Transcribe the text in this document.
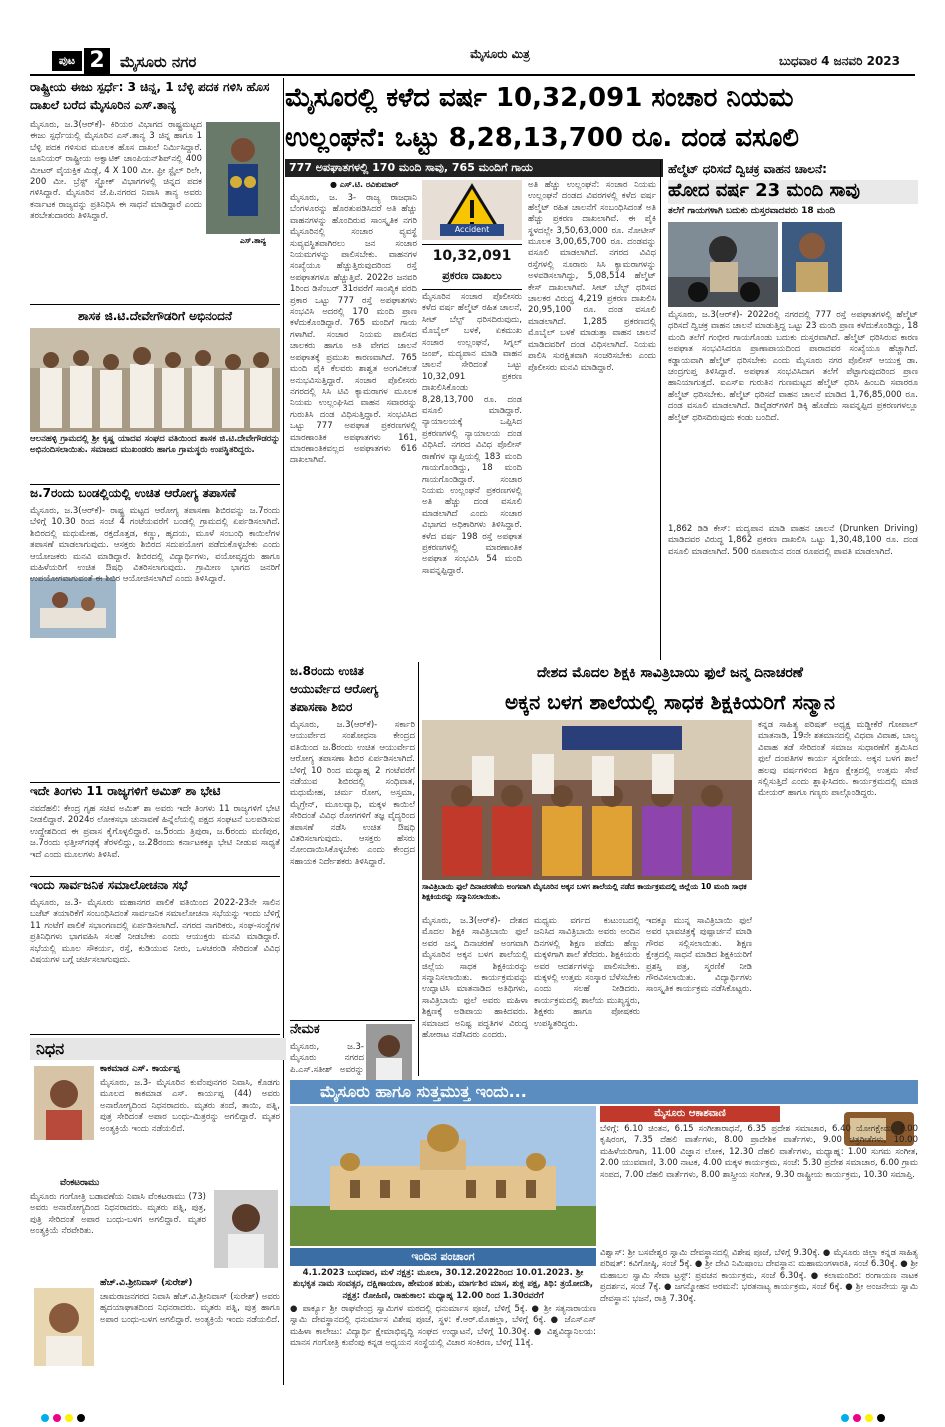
ಪುಟ 2	ಮೈಸೂರು ನಗರ	ಮೈಸೂರು ಮಿತ್ರ	ಬುಧವಾರ 4 ಜನವರಿ 2023
ಮೈಸೂರಲ್ಲಿ ಕಳೆದ ವರ್ಷ 10,32,091 ಸಂಚಾರ ನಿಯಮ
ಉಲ್ಲಂಘನೆ: ಒಟ್ಟು 8,28,13,700 ರೂ. ದಂಡ ವಸೂಲಿ
777 ಅಪಘಾತಗಳಲ್ಲಿ 170 ಮಂದಿ ಸಾವು, 765 ಮಂದಿಗೆ ಗಾಯ
● ಎಸ್.ಟಿ. ರವಿಕುಮಾರ್
ಮೈಸೂರು, ಜ. 3- ರಾಜ್ಯ ರಾಜಧಾನಿ ಬೆಂಗಳೂರನ್ನು ಹೊರತುಪಡಿಸಿದರೆ ಅತಿ ಹೆಚ್ಚು ವಾಹನಗಳನ್ನು ಹೊಂದಿರುವ ಸಾಂಸ್ಕೃತಿಕ ನಗರಿ ಮೈಸೂರಿನಲ್ಲಿ ಸಂಚಾರ ವ್ಯವಸ್ಥೆ ಸುವ್ಯವಸ್ಥಿತವಾಗಿರಲು ಜನ ಸಂಚಾರ ನಿಯಮಗಳನ್ನು ಪಾಲಿಸಬೇಕು. ವಾಹನಗಳ ಸಂಖ್ಯೆಯೂ ಹೆಚ್ಚುತ್ತಿರುವುದರಿಂದ ರಸ್ತೆ ಅಪಘಾತಗಳೂ ಹೆಚ್ಚುತ್ತಿವೆ. 2022ರ ಜನವರಿ 1ರಿಂದ ಡಿಸೆಂಬರ್ 31ರವರೆಗೆ ಸಾಂಖ್ಯಿಕ ವರದಿ ಪ್ರಕಾರ ಒಟ್ಟು 777 ರಸ್ತೆ ಅಪಘಾತಗಳು ಸಂಭವಿಸಿ ಅದರಲ್ಲಿ 170 ಮಂದಿ ಪ್ರಾಣ ಕಳೆದುಕೊಂಡಿದ್ದಾರೆ. 765 ಮಂದಿಗೆ ಗಾಯ ಗಳಾಗಿವೆ. ಸಂಚಾರ ನಿಯಮ ಪಾಲಿಸದ ಚಾಲಕರು ಹಾಗೂ ಅತಿ ವೇಗದ ಚಾಲನೆ ಅಪಘಾತಕ್ಕೆ ಪ್ರಮುಖ ಕಾರಣವಾಗಿದೆ. 765 ಮಂದಿ ಪೈಕಿ ಕೆಲವರು ಶಾಶ್ವತ ಅಂಗವಿಕಲತೆ ಅನುಭವಿಸುತ್ತಿದ್ದಾರೆ. ಸಂಚಾರ ಪೊಲೀಸರು ನಗರದಲ್ಲಿ ಸಿಸಿ ಟಿವಿ ಕ್ಯಾಮರಾಗಳ ಮೂಲಕ ನಿಯಮ ಉಲ್ಲಂಘಿಸಿದ ವಾಹನ ಸವಾರರನ್ನು ಗುರುತಿಸಿ ದಂಡ ವಿಧಿಸುತ್ತಿದ್ದಾರೆ. ಸಂಭವಿಸಿದ ಒಟ್ಟು 777 ಅಪಘಾತ ಪ್ರಕರಣಗಳಲ್ಲಿ ಮಾರಣಾಂತಿಕ ಅಪಘಾತಗಳು 161, ಮಾರಣಾಂತಿಕವಲ್ಲದ ಅಪಘಾತಗಳು 616 ದಾಖಲಾಗಿವೆ.
Accident
10,32,091
ಪ್ರಕರಣ ದಾಖಲು
ಮೈಸೂರಿನ ಸಂಚಾರ ಪೊಲೀಸರು ಕಳೆದ ವರ್ಷ ಹೆಲ್ಮೆಟ್ ರಹಿತ ಚಾಲನೆ, ಸೀಟ್ ಬೆಲ್ಟ್ ಧರಿಸದಿರುವುದು, ಮೊಬೈಲ್ ಬಳಕೆ, ಏಕಮುಖ ಸಂಚಾರ ಉಲ್ಲಂಘನೆ, ಸಿಗ್ನಲ್ ಜಂಪ್, ಮದ್ಯಪಾನ ಮಾಡಿ ವಾಹನ ಚಾಲನೆ ಸೇರಿದಂತೆ ಒಟ್ಟು 10,32,091 ಪ್ರಕರಣ ದಾಖಲಿಸಿಕೊಂಡು 8,28,13,700 ರೂ. ದಂಡ ವಸೂಲಿ ಮಾಡಿದ್ದಾರೆ. ನ್ಯಾಯಾಲಯಕ್ಕೆ ಒಪ್ಪಿಸಿದ ಪ್ರಕರಣಗಳಲ್ಲಿ ನ್ಯಾಯಾಲಯ ದಂಡ ವಿಧಿಸಿದೆ. ನಗರದ ವಿವಿಧ ಪೊಲೀಸ್ ಠಾಣೆಗಳ ವ್ಯಾಪ್ತಿಯಲ್ಲಿ 183 ಮಂದಿ ಗಾಯಗೊಂಡಿದ್ದು, 18 ಮಂದಿ ಗಾಯಗೊಂಡಿದ್ದಾರೆ. ಸಂಚಾರ ನಿಯಮ ಉಲ್ಲಂಘನೆ ಪ್ರಕರಣಗಳಲ್ಲಿ ಅತಿ ಹೆಚ್ಚು ದಂಡ ವಸೂಲಿ ಮಾಡಲಾಗಿದೆ ಎಂದು ಸಂಚಾರ ವಿಭಾಗದ ಅಧಿಕಾರಿಗಳು ತಿಳಿಸಿದ್ದಾರೆ. ಕಳೆದ ವರ್ಷ 198 ರಸ್ತೆ ಅಪಘಾತ ಪ್ರಕರಣಗಳಲ್ಲಿ ಮಾರಣಾಂತಿಕ ಅಪಘಾತ ಸಂಭವಿಸಿ 54 ಮಂದಿ ಸಾವನ್ನಪ್ಪಿದ್ದಾರೆ.
ಅತಿ ಹೆಚ್ಚು ಉಲ್ಲಂಘನೆ: ಸಂಚಾರ ನಿಯಮ ಉಲ್ಲಂಘನೆ ದಂಡದ ವಿವರಗಳಲ್ಲಿ ಕಳೆದ ವರ್ಷ ಹೆಲ್ಮೆಟ್ ರಹಿತ ಚಾಲನೆಗೆ ಸಂಬಂಧಿಸಿದಂತೆ ಅತಿ ಹೆಚ್ಚು ಪ್ರಕರಣ ದಾಖಲಾಗಿವೆ. ಈ ಪೈಕಿ ಸ್ಥಳದಲ್ಲೇ 3,50,63,000 ರೂ. ನೋಟೀಸ್ ಮೂಲಕ 3,00,65,700 ರೂ. ದಂಡವನ್ನು ವಸೂಲಿ ಮಾಡಲಾಗಿದೆ. ನಗರದ ವಿವಿಧ ರಸ್ತೆಗಳಲ್ಲಿ ನೂರಾರು ಸಿಸಿ ಕ್ಯಾಮರಾಗಳನ್ನು ಅಳವಡಿಸಲಾಗಿದ್ದು, 5,08,514 ಹೆಲ್ಮೆಟ್ ಕೇಸ್ ದಾಖಲಾಗಿವೆ. ಸೀಟ್ ಬೆಲ್ಟ್ ಧರಿಸದ ಚಾಲಕರ ವಿರುದ್ಧ 4,219 ಪ್ರಕರಣ ದಾಖಲಿಸಿ 20,95,100 ರೂ. ದಂಡ ವಸೂಲಿ ಮಾಡಲಾಗಿದೆ. 1,285 ಪ್ರಕರಣದಲ್ಲಿ ಮೊಬೈಲ್ ಬಳಕೆ ಮಾಡುತ್ತಾ ವಾಹನ ಚಾಲನೆ ಮಾಡಿದವರಿಗೆ ದಂಡ ವಿಧಿಸಲಾಗಿದೆ. ನಿಯಮ ಪಾಲಿಸಿ ಸುರಕ್ಷಿತವಾಗಿ ಸಂಚರಿಸಬೇಕು ಎಂದು ಪೊಲೀಸರು ಮನವಿ ಮಾಡಿದ್ದಾರೆ.
ಹೆಲ್ಮೆಟ್ ಧರಿಸದೆ ದ್ವಿಚಕ್ರ ವಾಹನ ಚಾಲನೆ:
ಹೋದ ವರ್ಷ 23 ಮಂದಿ ಸಾವು
ತಲೆಗೆ ಗಾಯಗಳಾಗಿ ಬದುಕು ದುಸ್ತರವಾದವರು 18 ಮಂದಿ
ಮೈಸೂರು, ಜ.3(ಆರ್‌ಕೆ)- 2022ರಲ್ಲಿ ನಗರದಲ್ಲಿ 777 ರಸ್ತೆ ಅಪಘಾತಗಳಲ್ಲಿ ಹೆಲ್ಮೆಟ್ ಧರಿಸದೆ ದ್ವಿಚಕ್ರ ವಾಹನ ಚಾಲನೆ ಮಾಡುತ್ತಿದ್ದ ಒಟ್ಟು 23 ಮಂದಿ ಪ್ರಾಣ ಕಳೆದುಕೊಂಡಿದ್ದು, 18 ಮಂದಿ ತಲೆಗೆ ಗಂಭೀರ ಗಾಯಗೊಂಡು ಬದುಕು ದುಸ್ತರವಾಗಿದೆ. ಹೆಲ್ಮೆಟ್ ಧರಿಸಿರುವ ಕಾರಣ ಅಪಘಾತ ಸಂಭವಿಸಿದರೂ ಪ್ರಾಣಾಪಾಯದಿಂದ ಪಾರಾದವರ ಸಂಖ್ಯೆಯೂ ಹೆಚ್ಚಾಗಿದೆ. ಕಡ್ಡಾಯವಾಗಿ ಹೆಲ್ಮೆಟ್ ಧರಿಸಬೇಕು ಎಂದು ಮೈಸೂರು ನಗರ ಪೊಲೀಸ್ ಆಯುಕ್ತ ಡಾ. ಚಂದ್ರಗುಪ್ತ ತಿಳಿಸಿದ್ದಾರೆ. ಅಪಘಾತ ಸಂಭವಿಸಿದಾಗ ತಲೆಗೆ ಪೆಟ್ಟಾಗುವುದರಿಂದ ಪ್ರಾಣ ಹಾನಿಯಾಗುತ್ತದೆ. ಐಎಸ್‌ಐ ಗುರುತಿನ ಗುಣಮಟ್ಟದ ಹೆಲ್ಮೆಟ್ ಧರಿಸಿ ಹಿಂಬದಿ ಸವಾರರೂ ಹೆಲ್ಮೆಟ್ ಧರಿಸಬೇಕು. ಹೆಲ್ಮೆಟ್ ಧರಿಸದೆ ವಾಹನ ಚಾಲನೆ ಮಾಡಿದ 1,76,85,000 ರೂ. ದಂಡ ವಸೂಲಿ ಮಾಡಲಾಗಿದೆ. ಡಿವೈಡರ್‌ಗಳಿಗೆ ಡಿಕ್ಕಿ ಹೊಡೆದು ಸಾವನ್ನಪ್ಪಿದ ಪ್ರಕರಣಗಳಲ್ಲೂ ಹೆಲ್ಮೆಟ್ ಧರಿಸದಿರುವುದು ಕಂಡು ಬಂದಿದೆ.
1,862 ಡಿಡಿ ಕೇಸ್: ಮದ್ಯಪಾನ ಮಾಡಿ ವಾಹನ ಚಾಲನೆ (Drunken Driving) ಮಾಡಿದವರ ವಿರುದ್ಧ 1,862 ಪ್ರಕರಣ ದಾಖಲಿಸಿ ಒಟ್ಟು 1,30,48,100 ರೂ. ದಂಡ ವಸೂಲಿ ಮಾಡಲಾಗಿದೆ. 500 ರೂಪಾಯಿನ ದಂಡ ರೂಪದಲ್ಲಿ ಪಾವತಿ ಮಾಡಲಾಗಿದೆ.
ರಾಷ್ಟ್ರೀಯ ಈಜು ಸ್ಪರ್ಧೆ: 3 ಚಿನ್ನ, 1 ಬೆಳ್ಳಿ ಪದಕ ಗಳಿಸಿ ಹೊಸ ದಾಖಲೆ ಬರೆದ ಮೈಸೂರಿನ ಎಸ್.ತಾನ್ಯ
ಮೈಸೂರು, ಜ.3(ಆರ್‌ಕೆ)- ಕಿರಿಯರ ವಿಭಾಗದ ರಾಷ್ಟ್ರಮಟ್ಟದ ಈಜು ಸ್ಪರ್ಧೆಯಲ್ಲಿ ಮೈಸೂರಿನ ಎಸ್.ತಾನ್ಯ 3 ಚಿನ್ನ ಹಾಗೂ 1 ಬೆಳ್ಳಿ ಪದಕ ಗಳಿಸುವ ಮೂಲಕ ಹೊಸ ದಾಖಲೆ ನಿರ್ಮಿಸಿದ್ದಾರೆ. ಜೂನಿಯರ್ ರಾಷ್ಟ್ರೀಯ ಅಕ್ವಾಟಿಕ್ ಚಾಂಪಿಯನ್‌ಶಿಪ್‌ನಲ್ಲಿ 400 ಮೀಟರ್ ವೈಯಕ್ತಿಕ ಮಿಡ್ಲೆ, 4 X 100 ಮೀ. ಫ್ರೀ ಸ್ಟೈಲ್ ರಿಲೇ, 200 ಮೀ. ಬ್ರೆಸ್ಟ್ ಸ್ಟ್ರೋಕ್ ವಿಭಾಗಗಳಲ್ಲಿ ಚಿನ್ನದ ಪದಕ ಗಳಿಸಿದ್ದಾರೆ. ಮೈಸೂರಿನ ಜೆ.ಪಿ.ನಗರದ ನಿವಾಸಿ ತಾನ್ಯ ಅವರು ಕರ್ನಾಟಕ ರಾಜ್ಯವನ್ನು ಪ್ರತಿನಿಧಿಸಿ ಈ ಸಾಧನೆ ಮಾಡಿದ್ದಾರೆ ಎಂದು ತರಬೇತುದಾರರು ತಿಳಿಸಿದ್ದಾರೆ.
ಎಸ್.ತಾನ್ಯ
ಶಾಸಕ ಜಿ.ಟಿ.ದೇವೇಗೌಡರಿಗೆ ಅಭಿನಂದನೆ
ಆಲನಹಳ್ಳಿ ಗ್ರಾಮದಲ್ಲಿ ಶ್ರೀ ಕೃಷ್ಣ ಯಾದವ ಸಂಘದ ವತಿಯಿಂದ ಶಾಸಕ ಜಿ.ಟಿ.ದೇವೇಗೌಡರನ್ನು ಅಭಿನಂದಿಸಲಾಯಿತು. ಸಮಾಜದ ಮುಖಂಡರು ಹಾಗೂ ಗ್ರಾಮಸ್ಥರು ಉಪಸ್ಥಿತರಿದ್ದರು.
ಜ.7ರಂದು ಬಂಡಲ್ಲಿಯಲ್ಲಿ ಉಚಿತ ಆರೋಗ್ಯ ತಪಾಸಣೆ
ಮೈಸೂರು, ಜ.3(ಆರ್‌ಕೆ)- ರಾಷ್ಟ್ರ ಮಟ್ಟದ ಆರೋಗ್ಯ ತಪಾಸಣಾ ಶಿಬಿರವನ್ನು ಜ.7ರಂದು ಬೆಳಿಗ್ಗೆ 10.30 ರಿಂದ ಸಂಜೆ 4 ಗಂಟೆಯವರೆಗೆ ಬಂಡಲ್ಲಿ ಗ್ರಾಮದಲ್ಲಿ ಏರ್ಪಡಿಸಲಾಗಿದೆ. ಶಿಬಿರದಲ್ಲಿ ಮಧುಮೇಹ, ರಕ್ತದೊತ್ತಡ, ಕಣ್ಣು, ಹೃದಯ, ಮೂಳೆ ಸಂಬಂಧಿ ಕಾಯಿಲೆಗಳ ತಪಾಸಣೆ ಮಾಡಲಾಗುವುದು. ಆಸಕ್ತರು ಶಿಬಿರದ ಸದುಪಯೋಗ ಪಡೆದುಕೊಳ್ಳಬೇಕು ಎಂದು ಆಯೋಜಕರು ಮನವಿ ಮಾಡಿದ್ದಾರೆ. ಶಿಬಿರದಲ್ಲಿ ವಿದ್ಯಾರ್ಥಿಗಳು, ವಯೋವೃದ್ಧರು ಹಾಗೂ ಮಹಿಳೆಯರಿಗೆ ಉಚಿತ ಔಷಧಿ ವಿತರಿಸಲಾಗುವುದು. ಗ್ರಾಮೀಣ ಭಾಗದ ಜನರಿಗೆ ಉಪಯೋಗವಾಗುವಂತೆ ಈ ಶಿಬಿರ ಆಯೋಜಿಸಲಾಗಿದೆ ಎಂದು ತಿಳಿಸಿದ್ದಾರೆ.
ಇದೇ ತಿಂಗಳು 11 ರಾಜ್ಯಗಳಿಗೆ ಅಮಿತ್ ಶಾ ಭೇಟಿ
ನವದೆಹಲಿ: ಕೇಂದ್ರ ಗೃಹ ಸಚಿವ ಅಮಿತ್ ಶಾ ಅವರು ಇದೇ ತಿಂಗಳು 11 ರಾಜ್ಯಗಳಿಗೆ ಭೇಟಿ ನೀಡಲಿದ್ದಾರೆ. 2024ರ ಲೋಕಸಭಾ ಚುನಾವಣೆ ಹಿನ್ನೆಲೆಯಲ್ಲಿ ಪಕ್ಷದ ಸಂಘಟನೆ ಬಲಪಡಿಸುವ ಉದ್ದೇಶದಿಂದ ಈ ಪ್ರವಾಸ ಕೈಗೊಳ್ಳಲಿದ್ದಾರೆ. ಜ.5ರಂದು ತ್ರಿಪುರಾ, ಜ.6ರಂದು ಮಣಿಪುರ, ಜ.7ರಂದು ಛತ್ತೀಸ್‌ಗಢಕ್ಕೆ ತೆರಳಲಿದ್ದು, ಜ.28ರಂದು ಕರ್ನಾಟಕಕ್ಕೂ ಭೇಟಿ ನೀಡುವ ಸಾಧ್ಯತೆ ಇದೆ ಎಂದು ಮೂಲಗಳು ತಿಳಿಸಿವೆ.
ಇಂದು ಸಾರ್ವಜನಿಕ ಸಮಾಲೋಚನಾ ಸಭೆ
ಮೈಸೂರು, ಜ.3- ಮೈಸೂರು ಮಹಾನಗರ ಪಾಲಿಕೆ ವತಿಯಿಂದ 2022-23ನೇ ಸಾಲಿನ ಬಜೆಟ್ ತಯಾರಿಕೆಗೆ ಸಂಬಂಧಿಸಿದಂತೆ ಸಾರ್ವಜನಿಕ ಸಮಾಲೋಚನಾ ಸಭೆಯನ್ನು ಇಂದು ಬೆಳಿಗ್ಗೆ 11 ಗಂಟೆಗೆ ಪಾಲಿಕೆ ಸಭಾಂಗಣದಲ್ಲಿ ಏರ್ಪಡಿಸಲಾಗಿದೆ. ನಗರದ ನಾಗರಿಕರು, ಸಂಘ-ಸಂಸ್ಥೆಗಳ ಪ್ರತಿನಿಧಿಗಳು ಭಾಗವಹಿಸಿ ಸಲಹೆ ನೀಡಬೇಕು ಎಂದು ಆಯುಕ್ತರು ಮನವಿ ಮಾಡಿದ್ದಾರೆ. ಸಭೆಯಲ್ಲಿ ಮೂಲ ಸೌಕರ್ಯ, ರಸ್ತೆ, ಕುಡಿಯುವ ನೀರು, ಒಳಚರಂಡಿ ಸೇರಿದಂತೆ ವಿವಿಧ ವಿಷಯಗಳ ಬಗ್ಗೆ ಚರ್ಚಿಸಲಾಗುವುದು.
ನಿಧನ
ಕಾಕಮಾಡ ಎಸ್. ಕಾರ್ಯಪ್ಪ
ಮೈಸೂರು, ಜ.3- ಮೈಸೂರಿನ ಕುವೆಂಪುನಗರ ನಿವಾಸಿ, ಕೊಡಗು ಮೂಲದ ಕಾಕಮಾಡ ಎಸ್. ಕಾರ್ಯಪ್ಪ (44) ಅವರು ಅನಾರೋಗ್ಯದಿಂದ ನಿಧನರಾದರು. ಮೃತರು ತಂದೆ, ತಾಯಿ, ಪತ್ನಿ, ಪುತ್ರ ಸೇರಿದಂತೆ ಅಪಾರ ಬಂಧು-ಮಿತ್ರರನ್ನು ಅಗಲಿದ್ದಾರೆ. ಮೃತರ ಅಂತ್ಯಕ್ರಿಯೆ ಇಂದು ನಡೆಯಲಿದೆ.
ವೆಂಕಟರಾಮು
ಮೈಸೂರು ಗಂಗೋತ್ರಿ ಬಡಾವಣೆಯ ನಿವಾಸಿ ವೆಂಕಟರಾಮು (73) ಅವರು ಅನಾರೋಗ್ಯದಿಂದ ನಿಧನರಾದರು. ಮೃತರು ಪತ್ನಿ, ಪುತ್ರ, ಪುತ್ರಿ ಸೇರಿದಂತೆ ಅಪಾರ ಬಂಧು-ಬಳಗ ಅಗಲಿದ್ದಾರೆ. ಮೃತರ ಅಂತ್ಯಕ್ರಿಯೆ ನೆರವೇರಿತು.
ಹೆಚ್.ವಿ.ಶ್ರೀನಿವಾಸ್ (ಸುರೇಶ್)
ಚಾಮರಾಜನಗರದ ನಿವಾಸಿ ಹೆಚ್.ವಿ.ಶ್ರೀನಿವಾಸ್ (ಸುರೇಶ್) ಅವರು ಹೃದಯಾಘಾತದಿಂದ ನಿಧನರಾದರು. ಮೃತರು ಪತ್ನಿ, ಪುತ್ರ ಹಾಗೂ ಅಪಾರ ಬಂಧು-ಬಳಗ ಅಗಲಿದ್ದಾರೆ. ಅಂತ್ಯಕ್ರಿಯೆ ಇಂದು ನಡೆಯಲಿದೆ.
ಜ.8ರಂದು ಉಚಿತ ಆಯುರ್ವೇದ ಆರೋಗ್ಯ ತಪಾಸಣಾ ಶಿಬಿರ
ಮೈಸೂರು, ಜ.3(ಆರ್‌ಕೆ)- ಸರ್ಕಾರಿ ಆಯುರ್ವೇದ ಸಂಶೋಧನಾ ಕೇಂದ್ರದ ವತಿಯಿಂದ ಜ.8ರಂದು ಉಚಿತ ಆಯುರ್ವೇದ ಆರೋಗ್ಯ ತಪಾಸಣಾ ಶಿಬಿರ ಏರ್ಪಡಿಸಲಾಗಿದೆ. ಬೆಳಿಗ್ಗೆ 10 ರಿಂದ ಮಧ್ಯಾಹ್ನ 2 ಗಂಟೆವರೆಗೆ ನಡೆಯುವ ಶಿಬಿರದಲ್ಲಿ ಸಂಧಿವಾತ, ಮಧುಮೇಹ, ಚರ್ಮ ರೋಗ, ಅಸ್ತಮಾ, ಮೈಗ್ರೇನ್, ಮೂಲವ್ಯಾಧಿ, ಮಕ್ಕಳ ಕಾಯಿಲೆ ಸೇರಿದಂತೆ ವಿವಿಧ ರೋಗಗಳಿಗೆ ತಜ್ಞ ವೈದ್ಯರಿಂದ ತಪಾಸಣೆ ನಡೆಸಿ ಉಚಿತ ಔಷಧಿ ವಿತರಿಸಲಾಗುವುದು. ಆಸಕ್ತರು ಹೆಸರು ನೋಂದಾಯಿಸಿಕೊಳ್ಳಬೇಕು ಎಂದು ಕೇಂದ್ರದ ಸಹಾಯಕ ನಿರ್ದೇಶಕರು ತಿಳಿಸಿದ್ದಾರೆ.
ನೇಮಕ
ಮೈಸೂರು, ಜ.3- ಮೈಸೂರು ನಗರದ ಪಿ.ಎಸ್.ಸತೀಶ್ ಅವರನ್ನು
ದೇಶದ ಮೊದಲ ಶಿಕ್ಷಕಿ ಸಾವಿತ್ರಿಬಾಯಿ ಫುಲೆ ಜನ್ಮ ದಿನಾಚರಣೆ
ಅಕ್ಕನ ಬಳಗ ಶಾಲೆಯಲ್ಲಿ ಸಾಧಕ ಶಿಕ್ಷಕಿಯರಿಗೆ ಸನ್ಮಾನ
ಸಾವಿತ್ರಿಬಾಯಿ ಫುಲೆ ದಿನಾಚರಣೆಯ ಅಂಗವಾಗಿ ಮೈಸೂರಿನ ಅಕ್ಕನ ಬಳಗ ಶಾಲೆಯಲ್ಲಿ ನಡೆದ ಕಾರ್ಯಕ್ರಮದಲ್ಲಿ ಜಿಲ್ಲೆಯ 10 ಮಂದಿ ಸಾಧಕ ಶಿಕ್ಷಕಿಯರನ್ನು ಸನ್ಮಾನಿಸಲಾಯಿತು.
ಕನ್ನಡ ಸಾಹಿತ್ಯ ಪರಿಷತ್ ಅಧ್ಯಕ್ಷ ಮಡ್ಡೀಕೆರೆ ಗೋಪಾಲ್ ಮಾತನಾಡಿ, 19ನೇ ಶತಮಾನದಲ್ಲಿ ವಿಧವಾ ವಿವಾಹ, ಬಾಲ್ಯ ವಿವಾಹ ತಡೆ ಸೇರಿದಂತೆ ಸಮಾಜ ಸುಧಾರಣೆಗೆ ಶ್ರಮಿಸಿದ ಫುಲೆ ದಂಪತಿಗಳ ಕಾರ್ಯ ಸ್ಮರಣೀಯ. ಅಕ್ಕನ ಬಳಗ ಶಾಲೆ ಹಲವು ವರ್ಷಗಳಿಂದ ಶಿಕ್ಷಣ ಕ್ಷೇತ್ರದಲ್ಲಿ ಉತ್ತಮ ಸೇವೆ ಸಲ್ಲಿಸುತ್ತಿದೆ ಎಂದು ಶ್ಲಾಘಿಸಿದರು. ಕಾರ್ಯಕ್ರಮದಲ್ಲಿ ಮಾಜಿ ಮೇಯರ್ ಹಾಗೂ ಗಣ್ಯರು ಪಾಲ್ಗೊಂಡಿದ್ದರು.
ಮೈಸೂರು, ಜ.3(ಆರ್‌ಕೆ)- ದೇಶದ ಮೊದಲ ಶಿಕ್ಷಕಿ ಸಾವಿತ್ರಿಬಾಯಿ ಫುಲೆ ಅವರ ಜನ್ಮ ದಿನಾಚರಣೆ ಅಂಗವಾಗಿ ಮೈಸೂರಿನ ಅಕ್ಕನ ಬಳಗ ಶಾಲೆಯಲ್ಲಿ ಜಿಲ್ಲೆಯ ಸಾಧಕ ಶಿಕ್ಷಕಿಯರನ್ನು ಸನ್ಮಾನಿಸಲಾಯಿತು. ಕಾರ್ಯಕ್ರಮವನ್ನು ಉದ್ಘಾಟಿಸಿ ಮಾತನಾಡಿದ ಅತಿಥಿಗಳು, ಸಾವಿತ್ರಿಬಾಯಿ ಫುಲೆ ಅವರು ಮಹಿಳಾ ಶಿಕ್ಷಣಕ್ಕೆ ಅಡಿಪಾಯ ಹಾಕಿದವರು. ಸಮಾಜದ ಅನಿಷ್ಟ ಪದ್ಧತಿಗಳ ವಿರುದ್ಧ ಹೋರಾಟ ನಡೆಸಿದರು ಎಂದರು.
ಮಧ್ಯಮ ವರ್ಗದ ಕುಟುಂಬದಲ್ಲಿ ಜನಿಸಿದ ಸಾವಿತ್ರಿಬಾಯಿ ಅವರು ಅಂದಿನ ದಿನಗಳಲ್ಲಿ ಶಿಕ್ಷಣ ಪಡೆದು ಹೆಣ್ಣು ಮಕ್ಕಳಿಗಾಗಿ ಶಾಲೆ ತೆರೆದರು. ಶಿಕ್ಷಕಿಯರು ಅವರ ಆದರ್ಶಗಳನ್ನು ಪಾಲಿಸಬೇಕು. ಮಕ್ಕಳಲ್ಲಿ ಉತ್ತಮ ಸಂಸ್ಕಾರ ಬೆಳೆಸಬೇಕು ಎಂದು ಸಲಹೆ ನೀಡಿದರು. ಕಾರ್ಯಕ್ರಮದಲ್ಲಿ ಶಾಲೆಯ ಮುಖ್ಯಸ್ಥರು, ಶಿಕ್ಷಕರು ಹಾಗೂ ಪೋಷಕರು ಉಪಸ್ಥಿತರಿದ್ದರು.
ಇದಕ್ಕೂ ಮುನ್ನ ಸಾವಿತ್ರಿಬಾಯಿ ಫುಲೆ ಅವರ ಭಾವಚಿತ್ರಕ್ಕೆ ಪುಷ್ಪಾರ್ಚನೆ ಮಾಡಿ ಗೌರವ ಸಲ್ಲಿಸಲಾಯಿತು. ಶಿಕ್ಷಣ ಕ್ಷೇತ್ರದಲ್ಲಿ ಸಾಧನೆ ಮಾಡಿದ ಶಿಕ್ಷಕಿಯರಿಗೆ ಪ್ರಶಸ್ತಿ ಪತ್ರ, ಸ್ಮರಣಿಕೆ ನೀಡಿ ಗೌರವಿಸಲಾಯಿತು. ವಿದ್ಯಾರ್ಥಿಗಳು ಸಾಂಸ್ಕೃತಿಕ ಕಾರ್ಯಕ್ರಮ ನಡೆಸಿಕೊಟ್ಟರು.
ಮೈಸೂರು ಹಾಗೂ ಸುತ್ತಮುತ್ತ ಇಂದು...
ಇಂದಿನ ಪಂಚಾಂಗ
4.1.2023 ಬುಧವಾರ, ಮಳೆ ನಕ್ಷತ್ರ: ಮೂಲಾ, 30.12.2022ರಿಂದ 10.01.2023. ಶ್ರೀ ಶುಭಕೃತ ನಾಮ ಸಂವತ್ಸರ, ದಕ್ಷಿಣಾಯಣ, ಹೇಮಂತ ಋತು, ಮಾರ್ಗಶಿರ ಮಾಸ, ಶುಕ್ಲ ಪಕ್ಷ, ತಿಥಿ: ತ್ರಯೋದಶಿ, ನಕ್ಷತ್ರ: ರೋಹಿಣಿ, ರಾಹುಕಾಲ: ಮಧ್ಯಾಹ್ನ 12.00 ರಿಂದ 1.30ರವರೆಗೆ
● ಪಾರ್ಕ್ಯೂ ಶ್ರೀ ರಾಘವೇಂದ್ರ ಸ್ವಾಮಿಗಳ ಮಠದಲ್ಲಿ ಧನುರ್ಮಾಸ ಪೂಜೆ, ಬೆಳಿಗ್ಗೆ 5ಕ್ಕೆ. ● ಶ್ರೀ ಸತ್ಯನಾರಾಯಣ ಸ್ವಾಮಿ ದೇವಸ್ಥಾನದಲ್ಲಿ ಧನುರ್ಮಾಸ ವಿಶೇಷ ಪೂಜೆ, ಸ್ಥಳ: ಕೆ.ಆರ್.ಮೊಹಲ್ಲಾ, ಬೆಳಿಗ್ಗೆ 6ಕ್ಕೆ. ● ಜೆಎಸ್‌ಎಸ್ ಮಹಿಳಾ ಕಾಲೇಜು: ವಿದ್ಯಾರ್ಥಿ ಕ್ಷೇಮಾಭಿವೃದ್ಧಿ ಸಂಘದ ಉದ್ಘಾಟನೆ, ಬೆಳಿಗ್ಗೆ 10.30ಕ್ಕೆ. ● ವಿಶ್ವವಿದ್ಯಾನಿಲಯ: ಮಾನಸ ಗಂಗೋತ್ರಿ ಕುವೆಂಪು ಕನ್ನಡ ಅಧ್ಯಯನ ಸಂಸ್ಥೆಯಲ್ಲಿ ವಿಚಾರ ಸಂಕಿರಣ, ಬೆಳಿಗ್ಗೆ 11ಕ್ಕೆ.
ಮೈಸೂರು ಆಕಾಶವಾಣಿ
ಬೆಳಿಗ್ಗೆ: 6.10 ಚಿಂತನ, 6.15 ಸಂಗೀತಾರಾಧನೆ, 6.35 ಪ್ರದೇಶ ಸಮಾಚಾರ, 6.40 ಯೋಗಕ್ಷೇಮ, 7.00 ಕೃಷಿರಂಗ, 7.35 ದೆಹಲಿ ವಾರ್ತೆಗಳು, 8.00 ಪ್ರಾದೇಶಿಕ ವಾರ್ತೆಗಳು, 9.00 ಚಿತ್ರಗೀತೆಗಳು, 10.00 ಮಹಿಳೆಯರಿಗಾಗಿ, 11.00 ವಿಜ್ಞಾನ ಲೋಕ, 12.30 ದೆಹಲಿ ವಾರ್ತೆಗಳು, ಮಧ್ಯಾಹ್ನ: 1.00 ಸುಗಮ ಸಂಗೀತ, 2.00 ಯುವವಾಣಿ, 3.00 ನಾಟಕ, 4.00 ಮಕ್ಕಳ ಕಾರ್ಯಕ್ರಮ, ಸಂಜೆ: 5.30 ಪ್ರದೇಶ ಸಮಾಚಾರ, 6.00 ಗ್ರಾಮ ಸಂಪದ, 7.00 ದೆಹಲಿ ವಾರ್ತೆಗಳು, 8.00 ಶಾಸ್ತ್ರೀಯ ಸಂಗೀತ, 9.30 ರಾಷ್ಟ್ರೀಯ ಕಾರ್ಯಕ್ರಮ, 10.30 ಸಮಾಪ್ತಿ.
ವಿಶ್ವಾಸ್: ಶ್ರೀ ಬಸವೇಶ್ವರ ಸ್ವಾಮಿ ದೇವಸ್ಥಾನದಲ್ಲಿ ವಿಶೇಷ ಪೂಜೆ, ಬೆಳಿಗ್ಗೆ 9.30ಕ್ಕೆ. ● ಮೈಸೂರು ಜಿಲ್ಲಾ ಕನ್ನಡ ಸಾಹಿತ್ಯ ಪರಿಷತ್: ಕವಿಗೋಷ್ಠಿ, ಸಂಜೆ 5ಕ್ಕೆ. ● ಶ್ರೀ ದೇವಿ ನಿಮಿಷಾಂಬ ದೇವಸ್ಥಾನ: ಮಹಾಮಂಗಳಾರತಿ, ಸಂಜೆ 6.30ಕ್ಕೆ. ● ಶ್ರೀ ಮಹಾಬಲ ಸ್ವಾಮಿ ಸೇವಾ ಟ್ರಸ್ಟ್: ಪ್ರವಚನ ಕಾರ್ಯಕ್ರಮ, ಸಂಜೆ 6.30ಕ್ಕೆ. ● ಕಲಾಮಂದಿರ: ರಂಗಾಯಣ ನಾಟಕ ಪ್ರದರ್ಶನ, ಸಂಜೆ 7ಕ್ಕೆ. ● ಜಗನ್ಮೋಹನ ಅರಮನೆ: ಭರತನಾಟ್ಯ ಕಾರ್ಯಕ್ರಮ, ಸಂಜೆ 6ಕ್ಕೆ. ● ಶ್ರೀ ಅಂಜನೇಯ ಸ್ವಾಮಿ ದೇವಸ್ಥಾನ: ಭಜನೆ, ರಾತ್ರಿ 7.30ಕ್ಕೆ.
